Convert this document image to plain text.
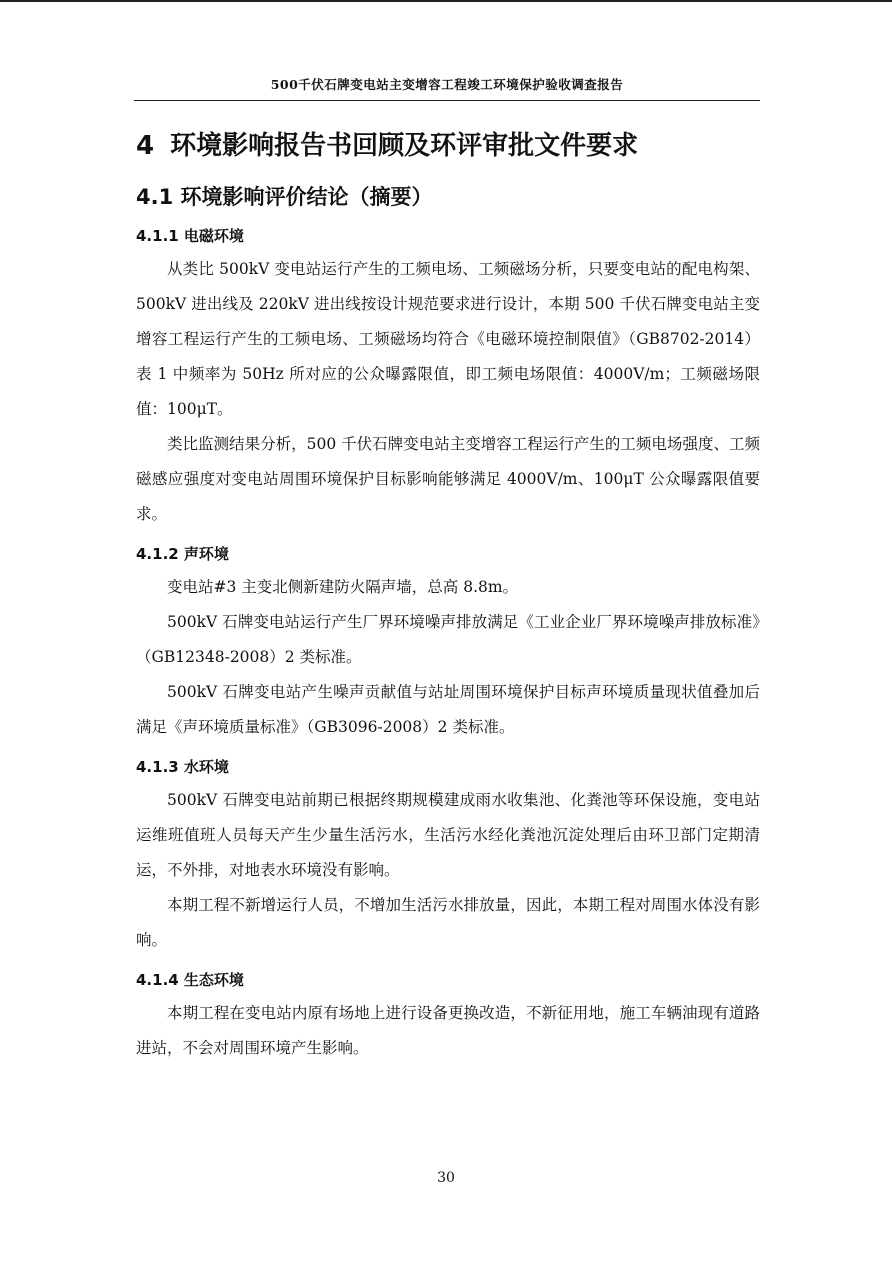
500千伏石牌变电站主变增容工程竣工环境保护验收调查报告
4 环境影响报告书回顾及环评审批文件要求
4.1 环境影响评价结论（摘要）
4.1.1 电磁环境

从类比 500kV 变电站运行产生的工频电场、工频磁场分析，只要变电站的配电构架、500kV 进出线及 220kV 进出线按设计规范要求进行设计，本期 500 千伏石牌变电站主变增容工程运行产生的工频电场、工频磁场均符合《电磁环境控制限值》（GB8702-2014）表 1 中频率为 50Hz 所对应的公众曝露限值，即工频电场限值：4000V/m；工频磁场限值：100μT。

类比监测结果分析，500 千伏石牌变电站主变增容工程运行产生的工频电场强度、工频磁感应强度对变电站周围环境保护目标影响能够满足 4000V/m、100μT 公众曝露限值要求。

4.1.2 声环境

变电站#3 主变北侧新建防火隔声墙，总高 8.8m。

500kV 石牌变电站运行产生厂界环境噪声排放满足《工业企业厂界环境噪声排放标准》（GB12348-2008）2 类标准。

500kV 石牌变电站产生噪声贡献值与站址周围环境保护目标声环境质量现状值叠加后满足《声环境质量标准》（GB3096-2008）2 类标准。

4.1.3 水环境

500kV 石牌变电站前期已根据终期规模建成雨水收集池、化粪池等环保设施，变电站运维班值班人员每天产生少量生活污水，生活污水经化粪池沉淀处理后由环卫部门定期清运，不外排，对地表水环境没有影响。

本期工程不新增运行人员，不增加生活污水排放量，因此，本期工程对周围水体没有影响。

4.1.4 生态环境

本期工程在变电站内原有场地上进行设备更换改造，不新征用地，施工车辆油现有道路进站，不会对周围环境产生影响。

30
